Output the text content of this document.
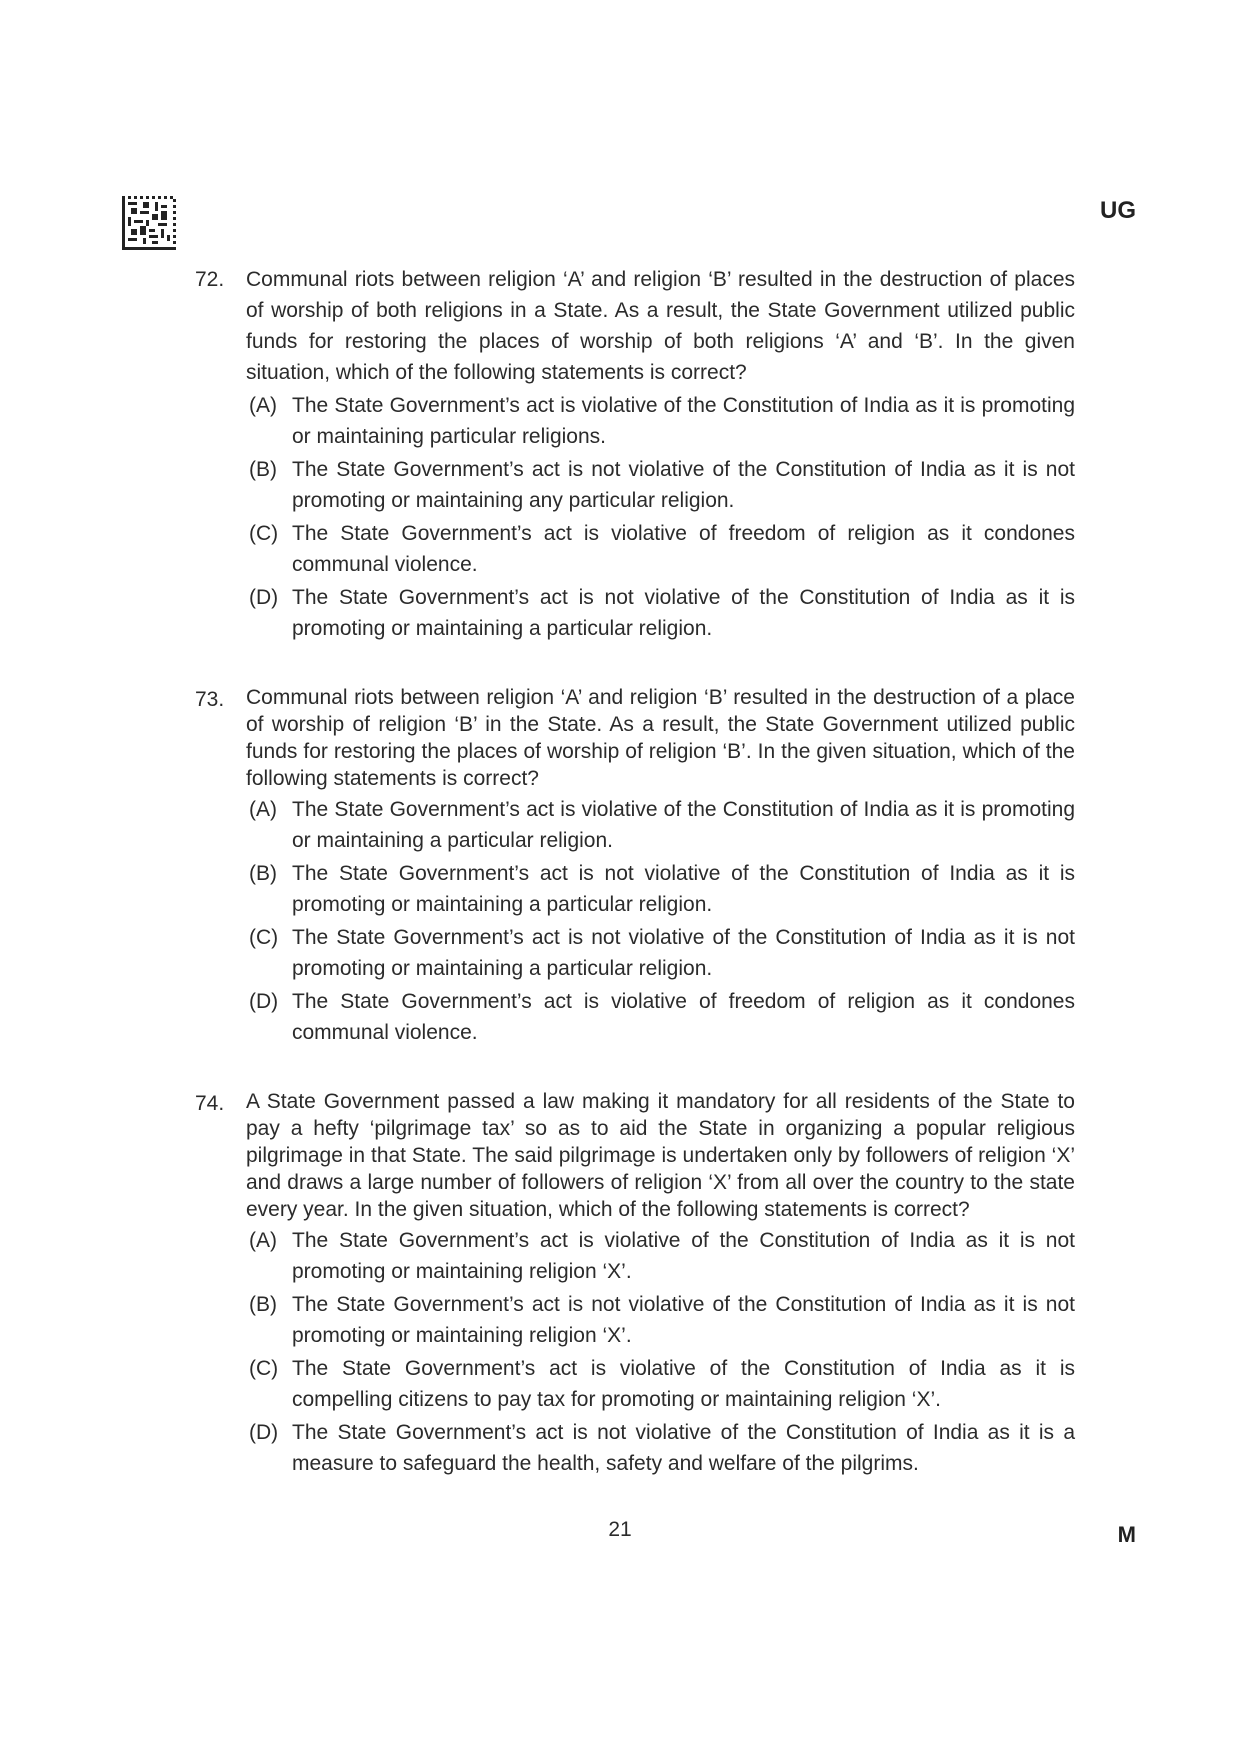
UG
72.	Communal riots between religion ‘A’ and religion ‘B’ resulted in the destruction of places of worship of both religions in a State. As a result, the State Government utilized public funds for restoring the places of worship of both religions ‘A’ and ‘B’. In the given situation, which of the following statements is correct?
(A) The State Government’s act is violative of the Constitution of India as it is promoting or maintaining particular religions.
(B) The State Government’s act is not violative of the Constitution of India as it is not promoting or maintaining any particular religion.
(C) The State Government’s act is violative of freedom of religion as it condones communal violence.
(D) The State Government’s act is not violative of the Constitution of India as it is promoting or maintaining a particular religion.
73.	Communal riots between religion ‘A’ and religion ‘B’ resulted in the destruction of a place of worship of religion ‘B’ in the State. As a result, the State Government utilized public funds for restoring the places of worship of religion ‘B’. In the given situation, which of the following statements is correct?
(A) The State Government’s act is violative of the Constitution of India as it is promoting or maintaining a particular religion.
(B) The State Government’s act is not violative of the Constitution of India as it is promoting or maintaining a particular religion.
(C) The State Government’s act is not violative of the Constitution of India as it is not promoting or maintaining a particular religion.
(D) The State Government’s act is violative of freedom of religion as it condones communal violence.
74.	A State Government passed a law making it mandatory for all residents of the State to pay a hefty ‘pilgrimage tax’ so as to aid the State in organizing a popular religious pilgrimage in that State. The said pilgrimage is undertaken only by followers of religion ‘X’ and draws a large number of followers of religion ‘X’ from all over the country to the state every year. In the given situation, which of the following statements is correct?
(A) The State Government’s act is violative of the Constitution of India as it is not promoting or maintaining religion ‘X’.
(B) The State Government’s act is not violative of the Constitution of India as it is not promoting or maintaining religion ‘X’.
(C) The State Government’s act is violative of the Constitution of India as it is compelling citizens to pay tax for promoting or maintaining religion ‘X’.
(D) The State Government’s act is not violative of the Constitution of India as it is a measure to safeguard the health, safety and welfare of the pilgrims.
21	M
